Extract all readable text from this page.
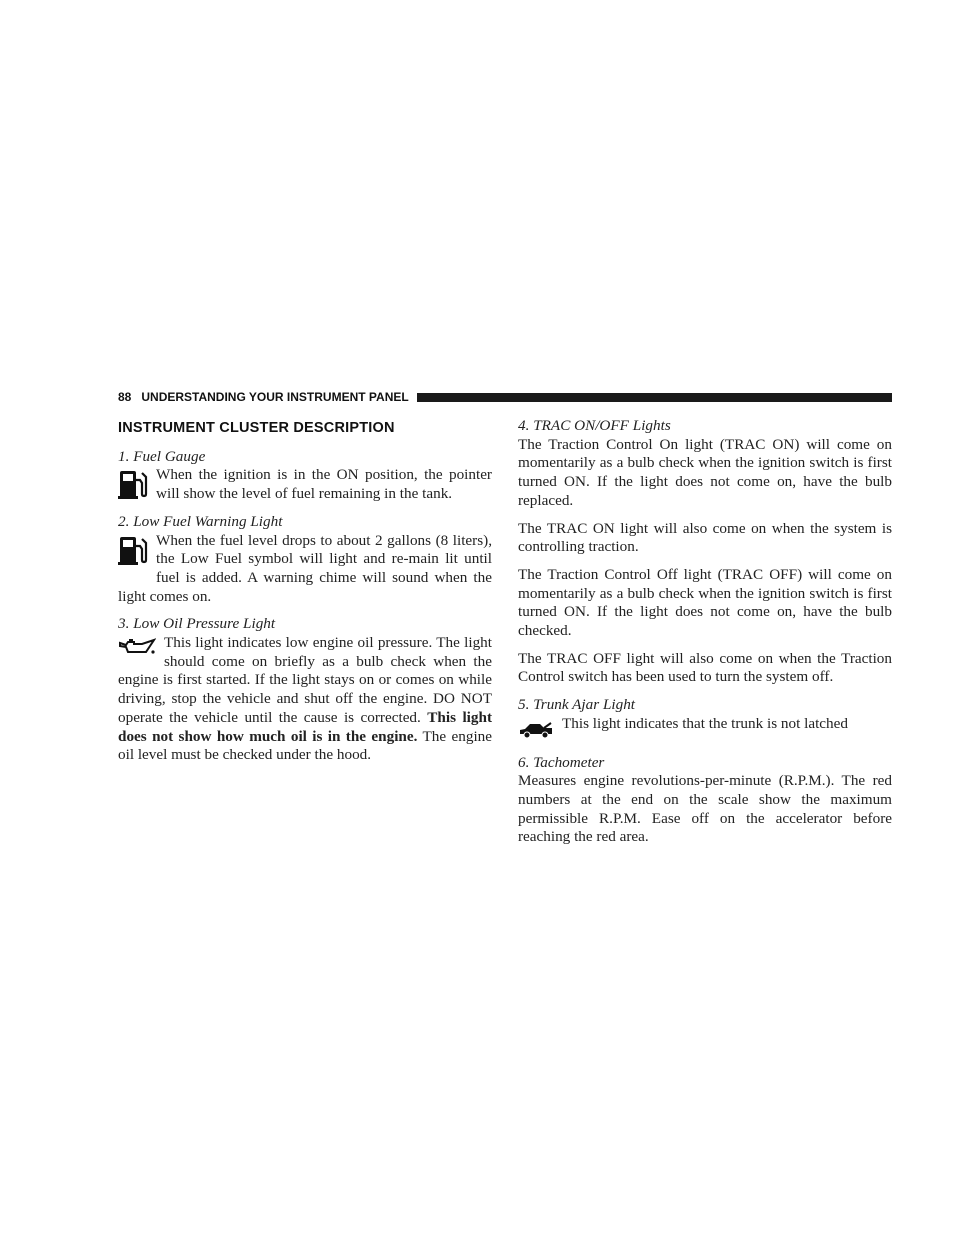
88 UNDERSTANDING YOUR INSTRUMENT PANEL
INSTRUMENT CLUSTER DESCRIPTION

1. Fuel Gauge

When the ignition is in the ON position, the pointer will show the level of fuel remaining in the tank.

2. Low Fuel Warning Light

When the fuel level drops to about 2 gallons (8 liters), the Low Fuel symbol will light and re-main lit until fuel is added. A warning chime will sound when the light comes on.

3. Low Oil Pressure Light

This light indicates low engine oil pressure. The light should come on briefly as a bulb check when the engine is first started. If the light stays on or comes on while driving, stop the vehicle and shut off the engine. DO NOT operate the vehicle until the cause is corrected. This light does not show how much oil is in the engine. The engine oil level must be checked under the hood.

4. TRAC ON/OFF Lights

The Traction Control On light (TRAC ON) will come on momentarily as a bulb check when the ignition switch is first turned ON. If the light does not come on, have the bulb replaced.

The TRAC ON light will also come on when the system is controlling traction.

The Traction Control Off light (TRAC OFF) will come on momentarily as a bulb check when the ignition switch is first turned ON. If the light does not come on, have the bulb checked.

The TRAC OFF light will also come on when the Traction Control switch has been used to turn the system off.

5. Trunk Ajar Light

This light indicates that the trunk is not latched

6. Tachometer

Measures engine revolutions-per-minute (R.P.M.). The red numbers at the end on the scale show the maximum permissible R.P.M. Ease off on the accelerator before reaching the red area.
